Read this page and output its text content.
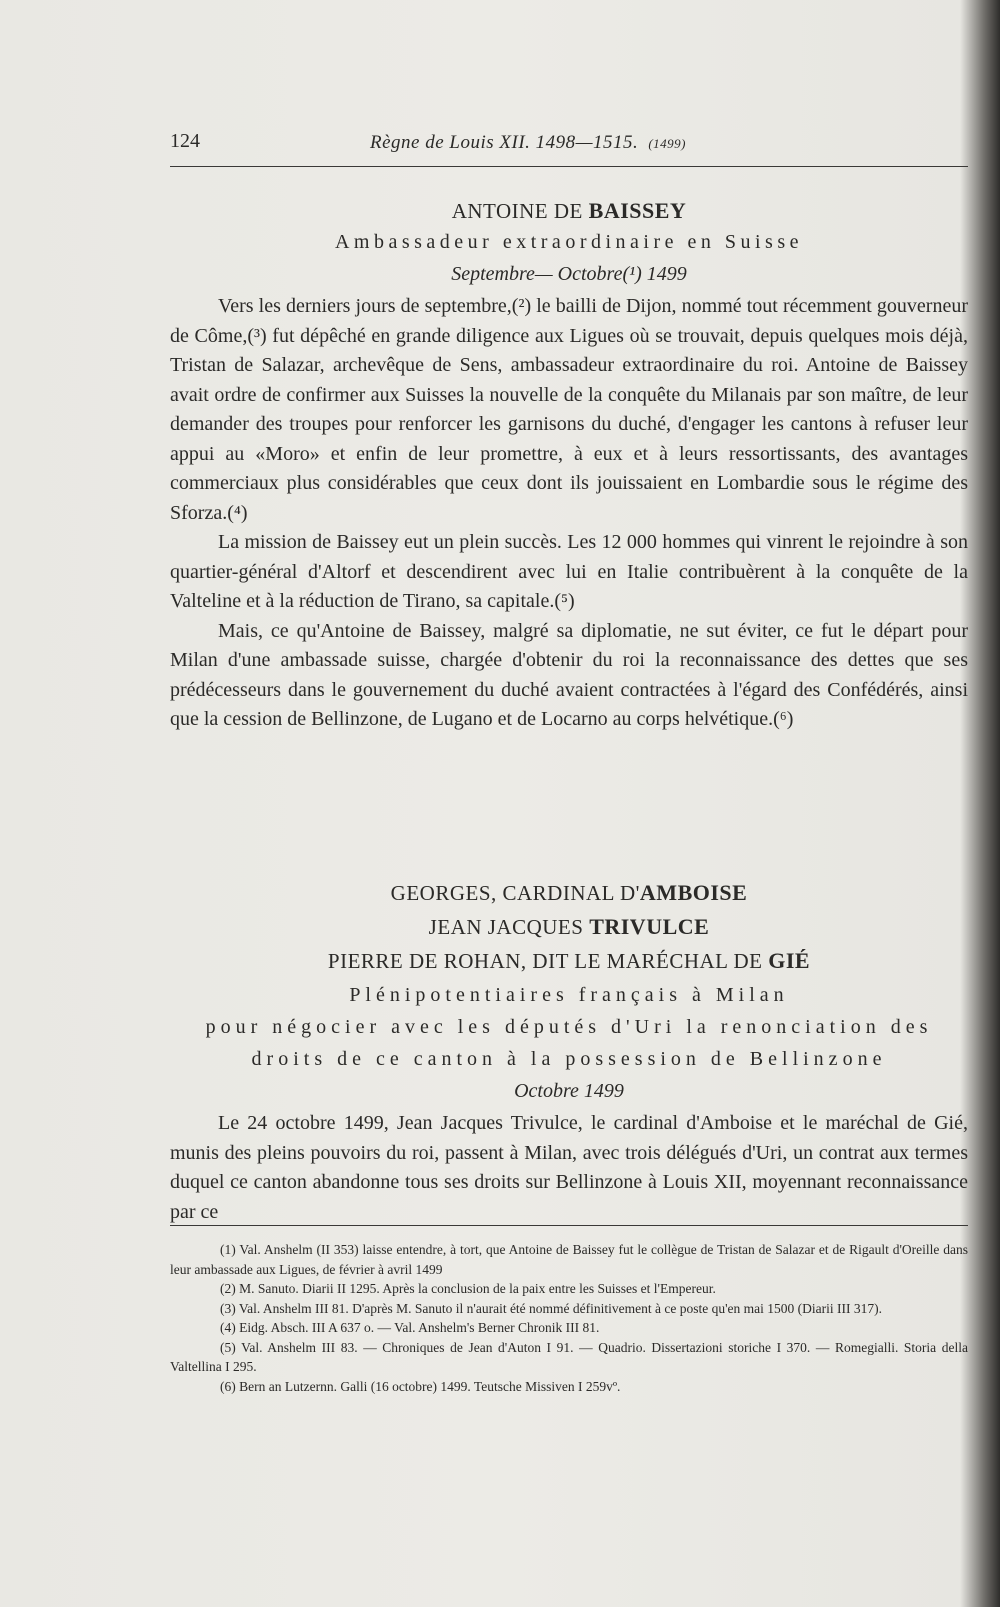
124	Règne de Louis XII. 1498—1515. (1499)
ANTOINE DE BAISSEY
Ambassadeur extraordinaire en Suisse
Septembre— Octobre(¹) 1499

Vers les derniers jours de septembre,(²) le bailli de Dijon, nommé tout récemment gouverneur de Côme,(³) fut dépêché en grande diligence aux Ligues où se trouvait, depuis quelques mois déjà, Tristan de Salazar, archevêque de Sens, ambassadeur extraordinaire du roi. Antoine de Baissey avait ordre de confirmer aux Suisses la nouvelle de la conquête du Milanais par son maître, de leur demander des troupes pour renforcer les garnisons du duché, d'engager les cantons à refuser leur appui au «Moro» et enfin de leur promettre, à eux et à leurs ressortissants, des avantages commerciaux plus considérables que ceux dont ils jouissaient en Lombardie sous le régime des Sforza.(⁴)

La mission de Baissey eut un plein succès. Les 12 000 hommes qui vinrent le rejoindre à son quartier-général d'Altorf et descendirent avec lui en Italie contribuèrent à la conquête de la Valteline et à la réduction de Tirano, sa capitale.(⁵)

Mais, ce qu'Antoine de Baissey, malgré sa diplomatie, ne sut éviter, ce fut le départ pour Milan d'une ambassade suisse, chargée d'obtenir du roi la reconnaissance des dettes que ses prédécesseurs dans le gouvernement du duché avaient contractées à l'égard des Confédérés, ainsi que la cession de Bellinzone, de Lugano et de Locarno au corps helvétique.(⁶)

GEORGES, CARDINAL D'AMBOISE
JEAN JACQUES TRIVULCE
PIERRE DE ROHAN, DIT LE MARÉCHAL DE GIÉ
Plénipotentiaires français à Milan
pour négocier avec les députés d'Uri la renonciation des droits de ce canton à la possession de Bellinzone
Octobre 1499

Le 24 octobre 1499, Jean Jacques Trivulce, le cardinal d'Amboise et le maréchal de Gié, munis des pleins pouvoirs du roi, passent à Milan, avec trois délégués d'Uri, un contrat aux termes duquel ce canton abandonne tous ses droits sur Bellinzone à Louis XII, moyennant reconnaissance par ce

(1) Val. Anshelm (II 353) laisse entendre, à tort, que Antoine de Baissey fut le collègue de Tristan de Salazar et de Rigault d'Oreille dans leur ambassade aux Ligues, de février à avril 1499

(2) M. Sanuto. Diarii II 1295. Après la conclusion de la paix entre les Suisses et l'Empereur.

(3) Val. Anshelm III 81. D'après M. Sanuto il n'aurait été nommé définitivement à ce poste qu'en mai 1500 (Diarii III 317).

(4) Eidg. Absch. III A 637 o. — Val. Anshelm's Berner Chronik III 81.

(5) Val. Anshelm III 83. — Chroniques de Jean d'Auton I 91. — Quadrio. Dissertazioni storiche I 370. — Romegialli. Storia della Valtellina I 295.

(6) Bern an Lutzernn. Galli (16 octobre) 1499. Teutsche Missiven I 259vº.
